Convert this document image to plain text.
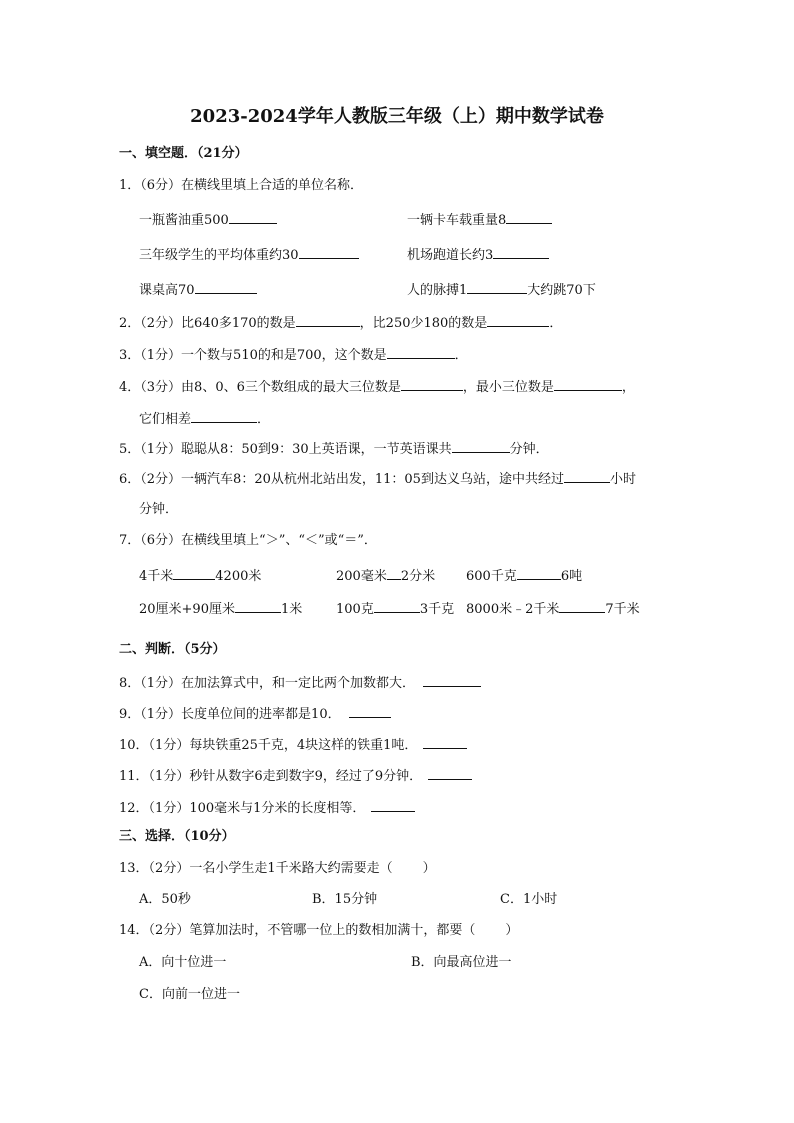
2023-2024学年人教版三年级（上）期中数学试卷
一、填空题．（21分）
1．（6分）在横线里填上合适的单位名称．
一瓶酱油重500	一辆卡车载重量8
三年级学生的平均体重约30	机场跑道长约3
课桌高70	人的脉搏1	大约跳70下
2．（2分）比640多170的数是	，比250少180的数是	．
3．（1分）一个数与510的和是700，这个数是	．
4．（3分）由8、0、6三个数组成的最大三位数是	，最小三位数是	，
它们相差	．
5．（1分）聪聪从8：50到9：30上英语课，一节英语课共	分钟．
6．（2分）一辆汽车8：20从杭州北站出发，11：05到达义乌站，途中共经过	小时
分钟．
7．（6分）在横线里填上“＞”、“＜”或“＝”．
4千米	4200米	200毫米 2分米 600千克	6吨
20厘米+90厘米	1米	100克	3千克 8000米﹣2千米	7千米
二、判断．（5分）
8．（1分）在加法算式中，和一定比两个加数都大．
9．（1分）长度单位间的进率都是10．
10．（1分）每块铁重25千克，4块这样的铁重1吨．
11．（1分）秒针从数字6走到数字9，经过了9分钟．
12．（1分）100毫米与1分米的长度相等．
三、选择．（10分）
13．（2分）一名小学生走1千米路大约需要走（ ）
A．50秒	B．15分钟	C．1小时
14．（2分）笔算加法时，不管哪一位上的数相加满十，都要（ ）
A．向十位进一	B．向最高位进一
C．向前一位进一
